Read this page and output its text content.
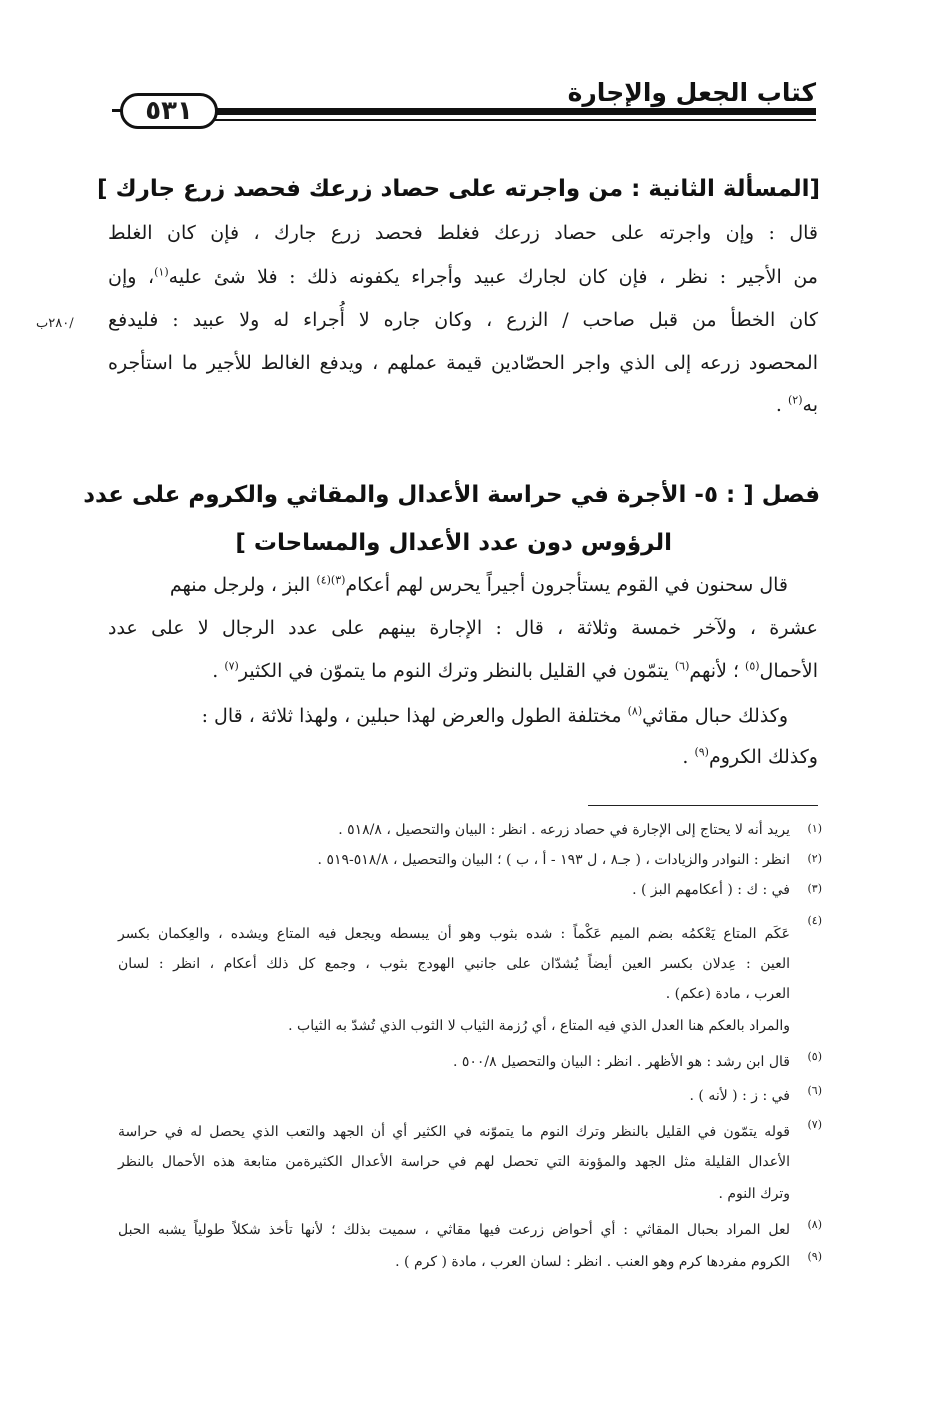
كتاب الجعل والإجارة
٥٣١
[المسألة الثانية : من واجرته على حصاد زرعك فحصد زرع جارك ]
قال : وإن واجرته على حصاد زرعك فغلط فحصد زرع جارك ، فإن كان الغلط
من الأجير : نظر ، فإن كان لجارك عبيد وأجراء يكفونه ذلك : فلا شئ عليه$^{(١)}$، وإن
كان الخطأ من قبل صاحب / الزرع ، وكان جاره لا أُجراء له ولا عبيد : فليدفع
/٢٨٠ب
المحصود زرعه إلى الذي واجر الحصّادين قيمة عملهم ، ويدفع الغالط للأجير ما استأجره
به$^{(٢)}$ .
فصل [ : ٥- الأجرة في حراسة الأعدال والمقاثي والكروم على عدد
الرؤوس دون عدد الأعدال والمساحات ]
قال سحنون في القوم يستأجرون أجيراً يحرس لهم أعكام$^{(٣)(٤)}$ البز ، ولرجل منهم
عشرة ، ولآخر خمسة وثلاثة ، قال : الإجارة بينهم على عدد الرجال لا على عدد
الأحمال$^{(٥)}$ ؛ لأنهم$^{(٦)}$ يتمّون في القليل بالنظر وترك النوم ما يتموّن في الكثير$^{(٧)}$ .
وكذلك حبال مقاثي$^{(٨)}$ مختلفة الطول والعرض لهذا حبلين ، ولهذا ثلاثة ، قال :
وكذلك الكروم$^{(٩)}$ .
(١)
يريد أنه لا يحتاج إلى الإجارة في حصاد زرعه . انظر : البيان والتحصيل ، ٥١٨/٨ .
(٢)
انظر : النوادر والزيادات ، ( جـ٨ ، ل ١٩٣ - أ ، ب ) ؛ البيان والتحصيل ، ٥١٨/٨-٥١٩ .
(٣)
في : ك : ( أعكامهم البز ) .
(٤)
عَكَم المتاع يَعْكمُه بضم الميم عَكْماً : شده بثوب وهو أن يبسطه ويجعل فيه المتاع ويشده ، والعِكمان بكسر
العين : عِدلان بكسر العين أيضاً يُشدّان على جانبي الهودج بثوب ، وجمع كل ذلك أعكام ، انظر : لسان
العرب ، مادة (عكم) .
والمراد بالعكم هنا العدل الذي فيه المتاع ، أي رُزمة الثياب لا الثوب الذي تُشدّ به الثياب .
(٥)
قال ابن رشد : هو الأظهر . انظر : البيان والتحصيل ٥٠٠/٨ .
(٦)
في : ز : ( لأنه ) .
(٧)
قوله يتمّون في القليل بالنظر وترك النوم ما يتموّنه في الكثير أي أن الجهد والتعب الذي يحصل له في حراسة
الأعدال القليلة مثل الجهد والمؤونة التي تحصل لهم في حراسة الأعدال الكثيرةمن متابعة هذه الأحمال بالنظر
وترك النوم .
(٨)
لعل المراد بحبال المقاثي : أي أحواض زرعت فيها مقاثي ، سميت بذلك ؛ لأنها تأخذ شكلاً طولياً يشبه الحبل
(٩)
الكروم مفردها كرم وهو العنب . انظر : لسان العرب ، مادة ( كرم ) .
